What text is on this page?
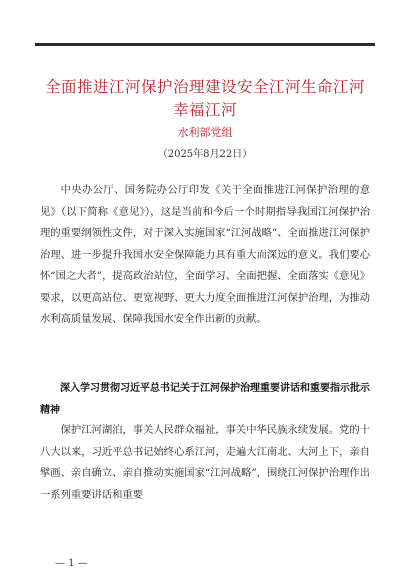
全面推进江河保护治理建设安全江河生命江河幸福江河
水利部党组
（2025年8月22日）

中央办公厅、国务院办公厅印发《关于全面推进江河保护治理的意见》（以下简称《意见》），这是当前和今后一个时期指导我国江河保护治理的重要纲领性文件，对于深入实施国家“江河战略”、全面推进江河保护治理、进一步提升我国水安全保障能力具有重大而深远的意义。我们要心怀“国之大者”，提高政治站位，全面学习、全面把握、全面落实《意见》要求，以更高站位、更宽视野、更大力度全面推进江河保护治理，为推动水利高质量发展、保障我国水安全作出新的贡献。

深入学习贯彻习近平总书记关于江河保护治理重要讲话和重要指示批示精神

保护江河湖泊，事关人民群众福祉，事关中华民族永续发展。党的十八大以来，习近平总书记始终心系江河，走遍大江南北、大河上下，亲自擘画、亲自确立、亲自推动实施国家“江河战略”，围绕江河保护治理作出一系列重要讲话和重要

— 1 —
